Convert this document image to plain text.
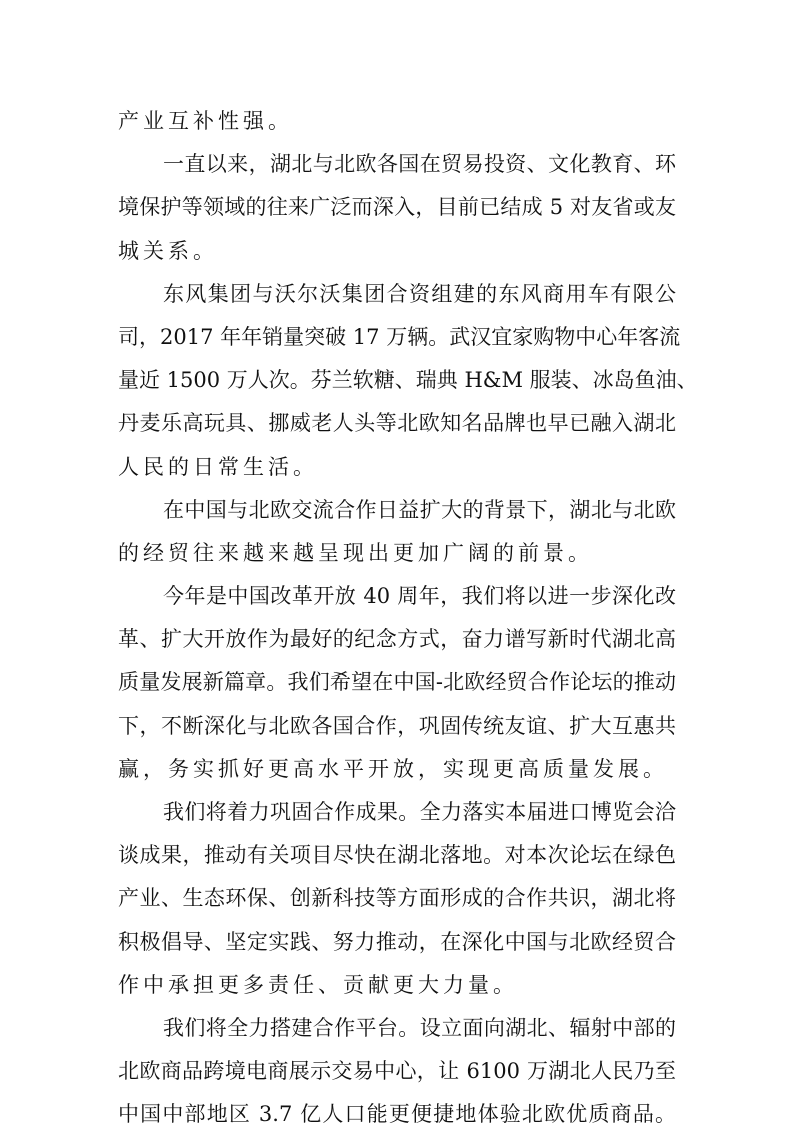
产业互补性强。
一直以来，湖北与北欧各国在贸易投资、文化教育、环
境保护等领域的往来广泛而深入，目前已结成 5 对友省或友
城关系。
东风集团与沃尔沃集团合资组建的东风商用车有限公
司，2017 年年销量突破 17 万辆。武汉宜家购物中心年客流
量近 1500 万人次。芬兰软糖、瑞典 H&M 服装、冰岛鱼油、
丹麦乐高玩具、挪威老人头等北欧知名品牌也早已融入湖北
人民的日常生活。
在中国与北欧交流合作日益扩大的背景下，湖北与北欧
的经贸往来越来越呈现出更加广阔的前景。
今年是中国改革开放 40 周年，我们将以进一步深化改
革、扩大开放作为最好的纪念方式，奋力谱写新时代湖北高
质量发展新篇章。我们希望在中国-北欧经贸合作论坛的推动
下，不断深化与北欧各国合作，巩固传统友谊、扩大互惠共
赢，务实抓好更高水平开放，实现更高质量发展。
我们将着力巩固合作成果。全力落实本届进口博览会洽
谈成果，推动有关项目尽快在湖北落地。对本次论坛在绿色
产业、生态环保、创新科技等方面形成的合作共识，湖北将
积极倡导、坚定实践、努力推动，在深化中国与北欧经贸合
作中承担更多责任、贡献更大力量。
我们将全力搭建合作平台。设立面向湖北、辐射中部的
北欧商品跨境电商展示交易中心，让 6100 万湖北人民乃至
中国中部地区 3.7 亿人口能更便捷地体验北欧优质商品。
